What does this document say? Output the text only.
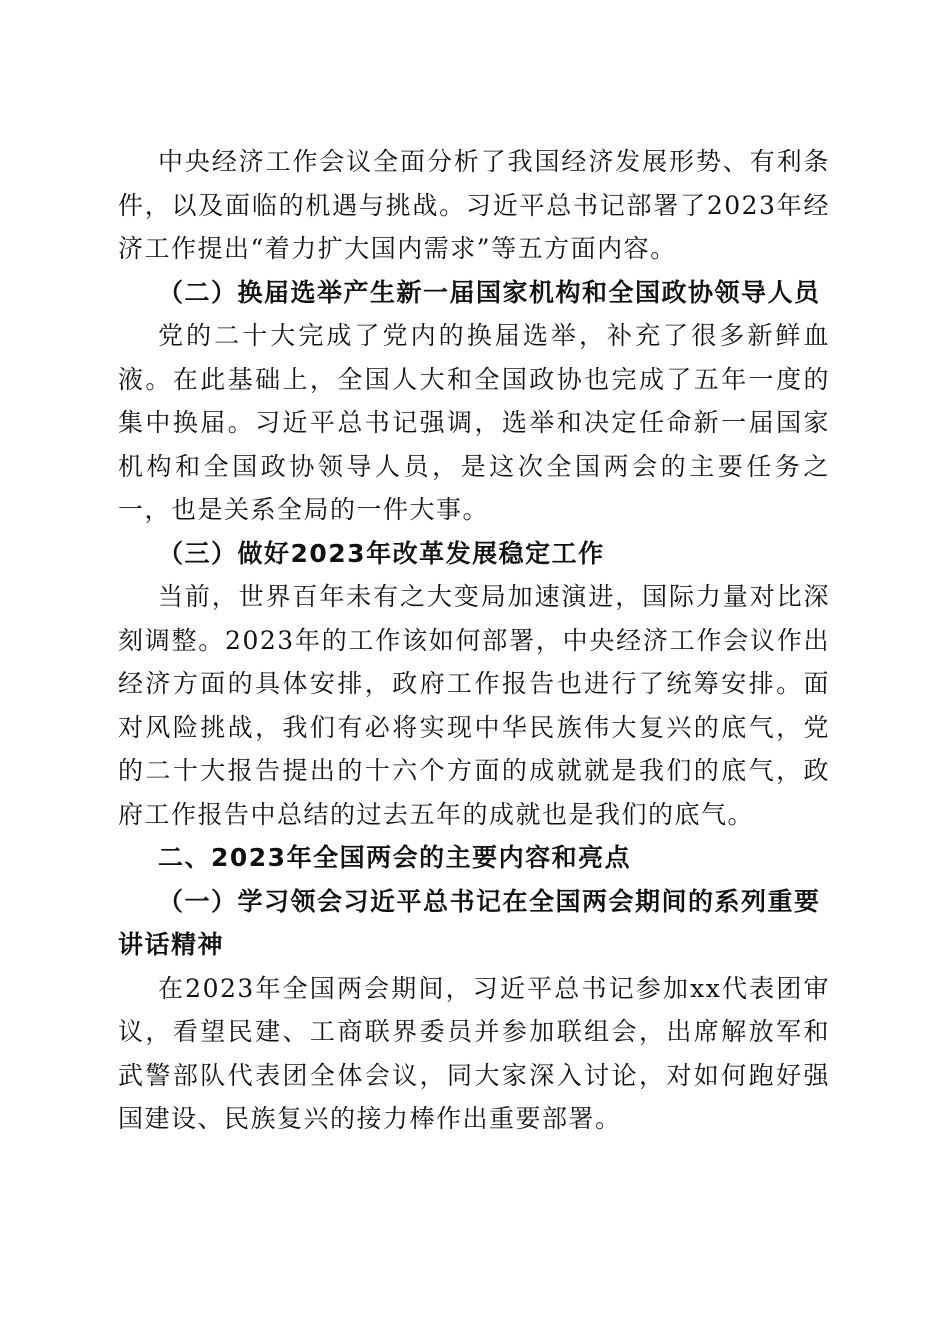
中央经济工作会议全面分析了我国经济发展形势、有利条件，以及面临的机遇与挑战。习近平总书记部署了2023年经济工作提出“着力扩大国内需求”等五方面内容。

（二）换届选举产生新一届国家机构和全国政协领导人员

党的二十大完成了党内的换届选举，补充了很多新鲜血液。在此基础上，全国人大和全国政协也完成了五年一度的集中换届。习近平总书记强调，选举和决定任命新一届国家机构和全国政协领导人员，是这次全国两会的主要任务之一，也是关系全局的一件大事。

（三）做好2023年改革发展稳定工作

当前，世界百年未有之大变局加速演进，国际力量对比深刻调整。2023年的工作该如何部署，中央经济工作会议作出经济方面的具体安排，政府工作报告也进行了统筹安排。面对风险挑战，我们有必将实现中华民族伟大复兴的底气，党的二十大报告提出的十六个方面的成就就是我们的底气，政府工作报告中总结的过去五年的成就也是我们的底气。

二、2023年全国两会的主要内容和亮点

（一）学习领会习近平总书记在全国两会期间的系列重要讲话精神

在2023年全国两会期间，习近平总书记参加xx代表团审议，看望民建、工商联界委员并参加联组会，出席解放军和武警部队代表团全体会议，同大家深入讨论，对如何跑好强国建设、民族复兴的接力棒作出重要部署。
